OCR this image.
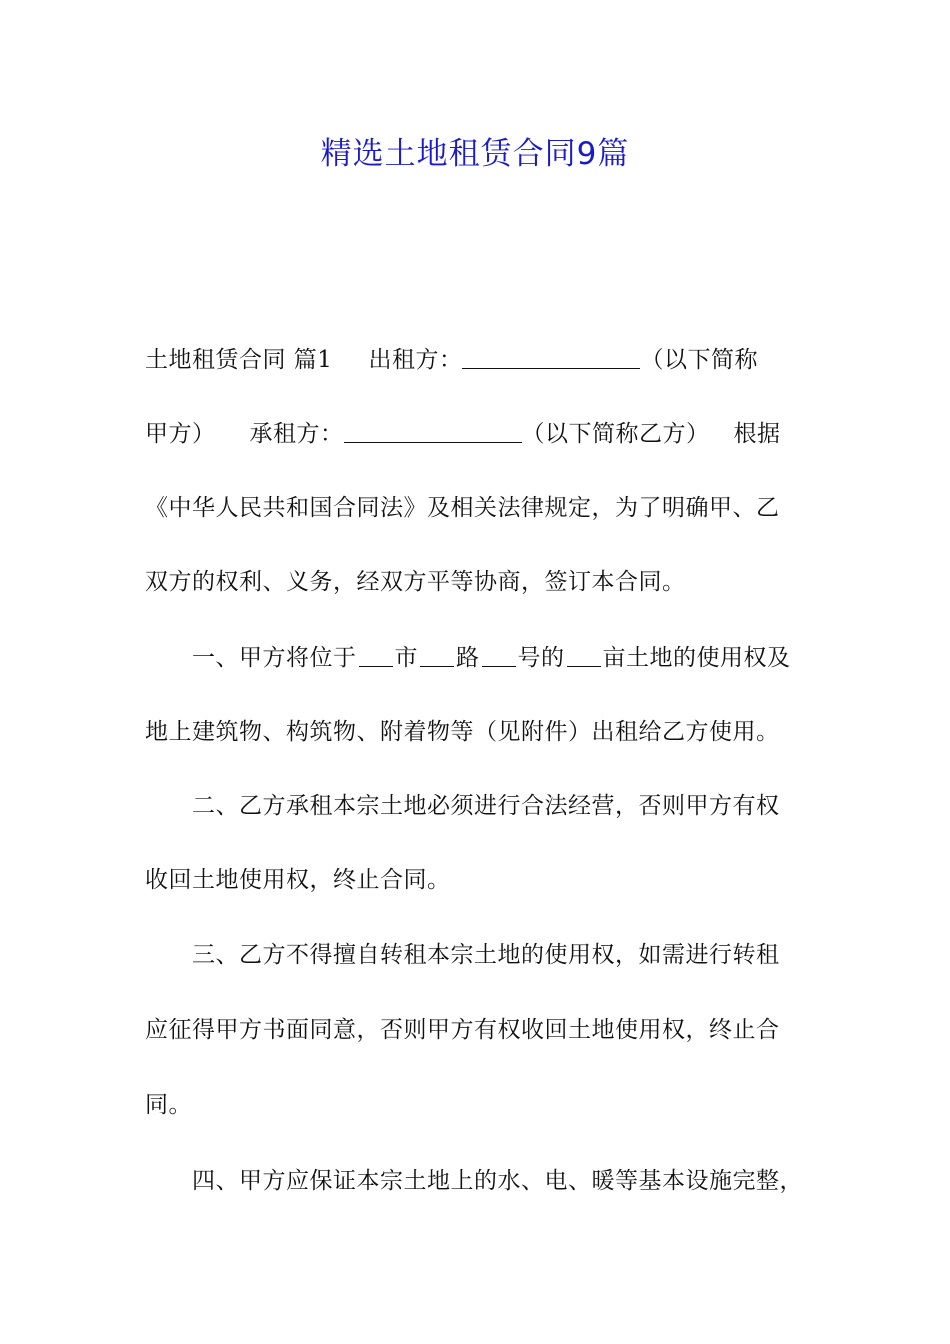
精选土地租赁合同9篇
土地租赁合同 篇1 出租方：	（以下简称
甲方） 承租方：	（以下简称乙方） 根据
《中华人民共和国合同法》及相关法律规定，为了明确甲、乙
双方的权利、义务，经双方平等协商，签订本合同。
一、甲方将位于 市 路 号的 亩土地的使用权及
地上建筑物、构筑物、附着物等（见附件）出租给乙方使用。
二、乙方承租本宗土地必须进行合法经营，否则甲方有权
收回土地使用权，终止合同。
三、乙方不得擅自转租本宗土地的使用权，如需进行转租
应征得甲方书面同意，否则甲方有权收回土地使用权，终止合
同。
四、甲方应保证本宗土地上的水、电、暖等基本设施完整，
